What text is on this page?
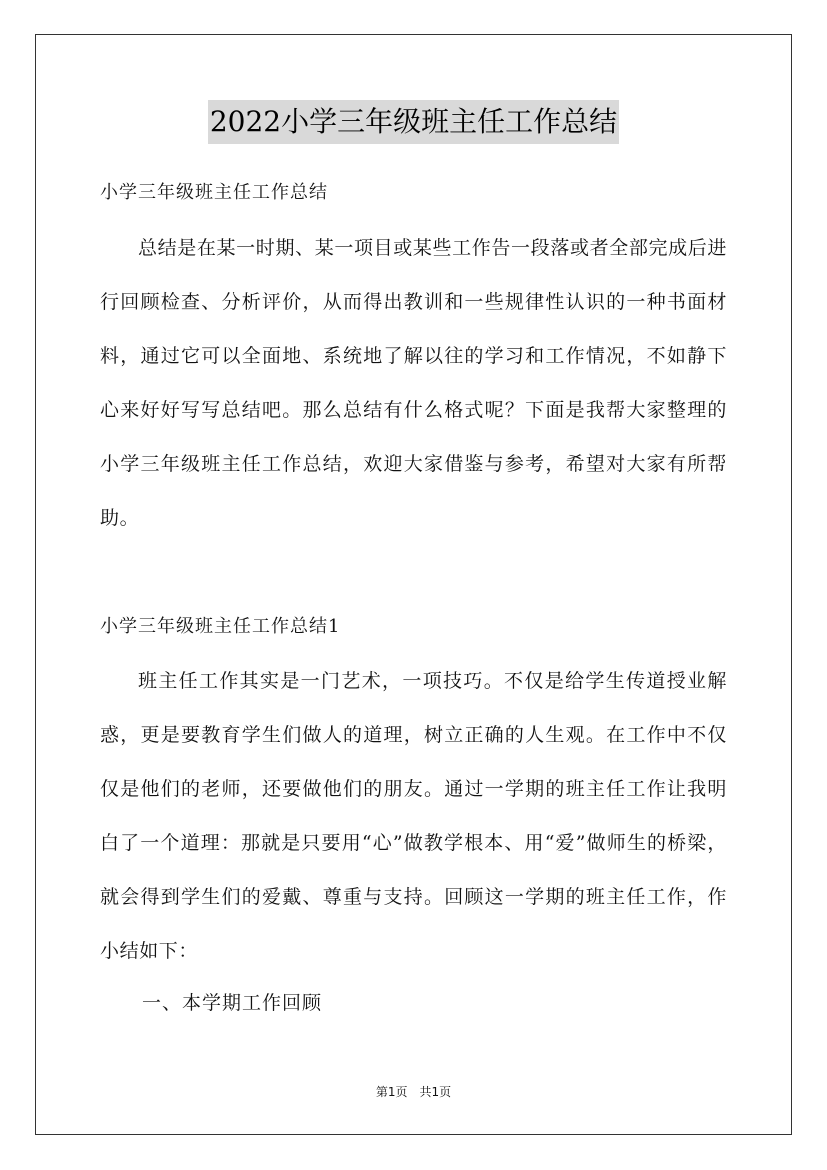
2022小学三年级班主任工作总结
小学三年级班主任工作总结
总结是在某一时期、某一项目或某些工作告一段落或者全部完成后进行回顾检查、分析评价，从而得出教训和一些规律性认识的一种书面材料，通过它可以全面地、系统地了解以往的学习和工作情况，不如静下心来好好写写总结吧。那么总结有什么格式呢？下面是我帮大家整理的小学三年级班主任工作总结，欢迎大家借鉴与参考，希望对大家有所帮助。
小学三年级班主任工作总结1
班主任工作其实是一门艺术，一项技巧。不仅是给学生传道授业解惑，更是要教育学生们做人的道理，树立正确的人生观。在工作中不仅仅是他们的老师，还要做他们的朋友。通过一学期的班主任工作让我明白了一个道理：那就是只要用“心”做教学根本、用“爱”做师生的桥梁，就会得到学生们的爱戴、尊重与支持。回顾这一学期的班主任工作，作小结如下：
一、本学期工作回顾
第1页 共1页
